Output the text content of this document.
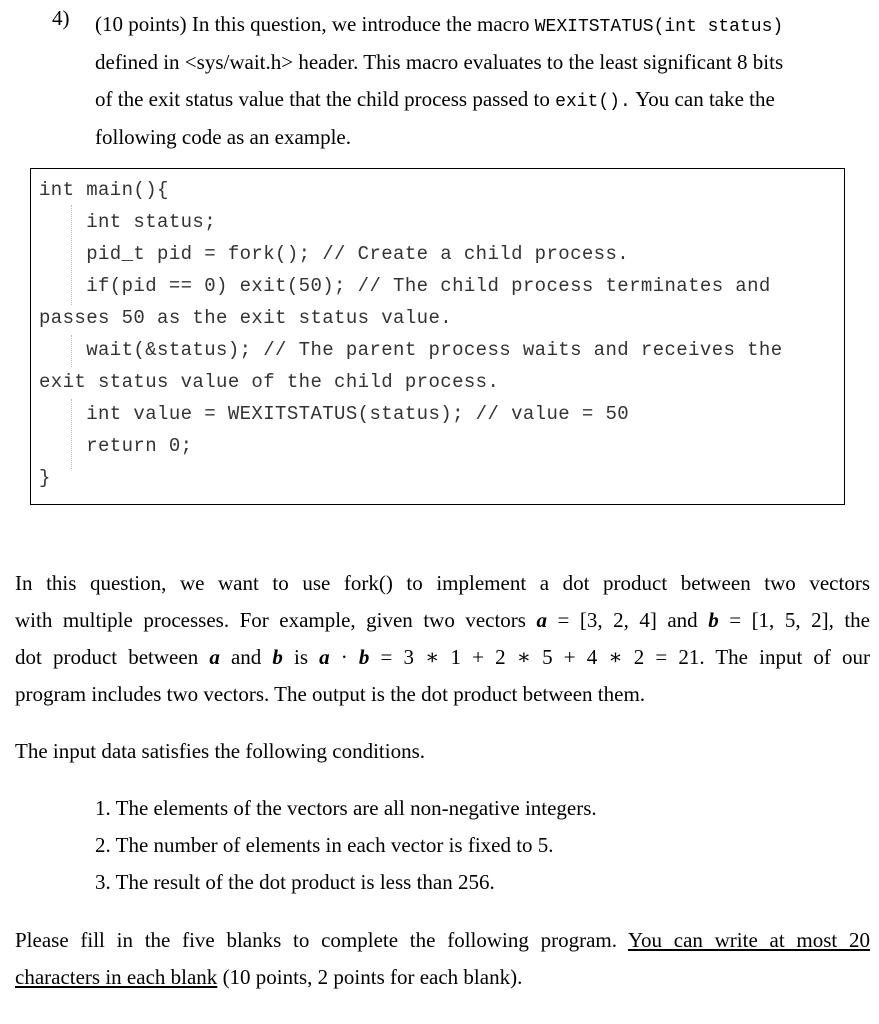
4) (10 points) In this question, we introduce the macro WEXITSTATUS(int status)
defined in <sys/wait.h> header. This macro evaluates to the least significant 8 bits
of the exit status value that the child process passed to exit(). You can take the
following code as an example.
int main(){
int status;
pid_t pid = fork(); // Create a child process.
if(pid == 0) exit(50); // The child process terminates and
passes 50 as the exit status value.
wait(&status); // The parent process waits and receives the
exit status value of the child process.
int value = WEXITSTATUS(status); // value = 50
return 0;
}
In this question, we want to use fork() to implement a dot product between two vectors
with multiple processes. For example, given two vectors a = [3, 2, 4] and b = [1, 5, 2], the
dot product between a and b is a · b = 3 ∗ 1 + 2 ∗ 5 + 4 ∗ 2 = 21. The input of our
program includes two vectors. The output is the dot product between them.
The input data satisfies the following conditions.
1. The elements of the vectors are all non-negative integers.
2. The number of elements in each vector is fixed to 5.
3. The result of the dot product is less than 256.
Please fill in the five blanks to complete the following program. You can write at most 20
characters in each blank (10 points, 2 points for each blank).
